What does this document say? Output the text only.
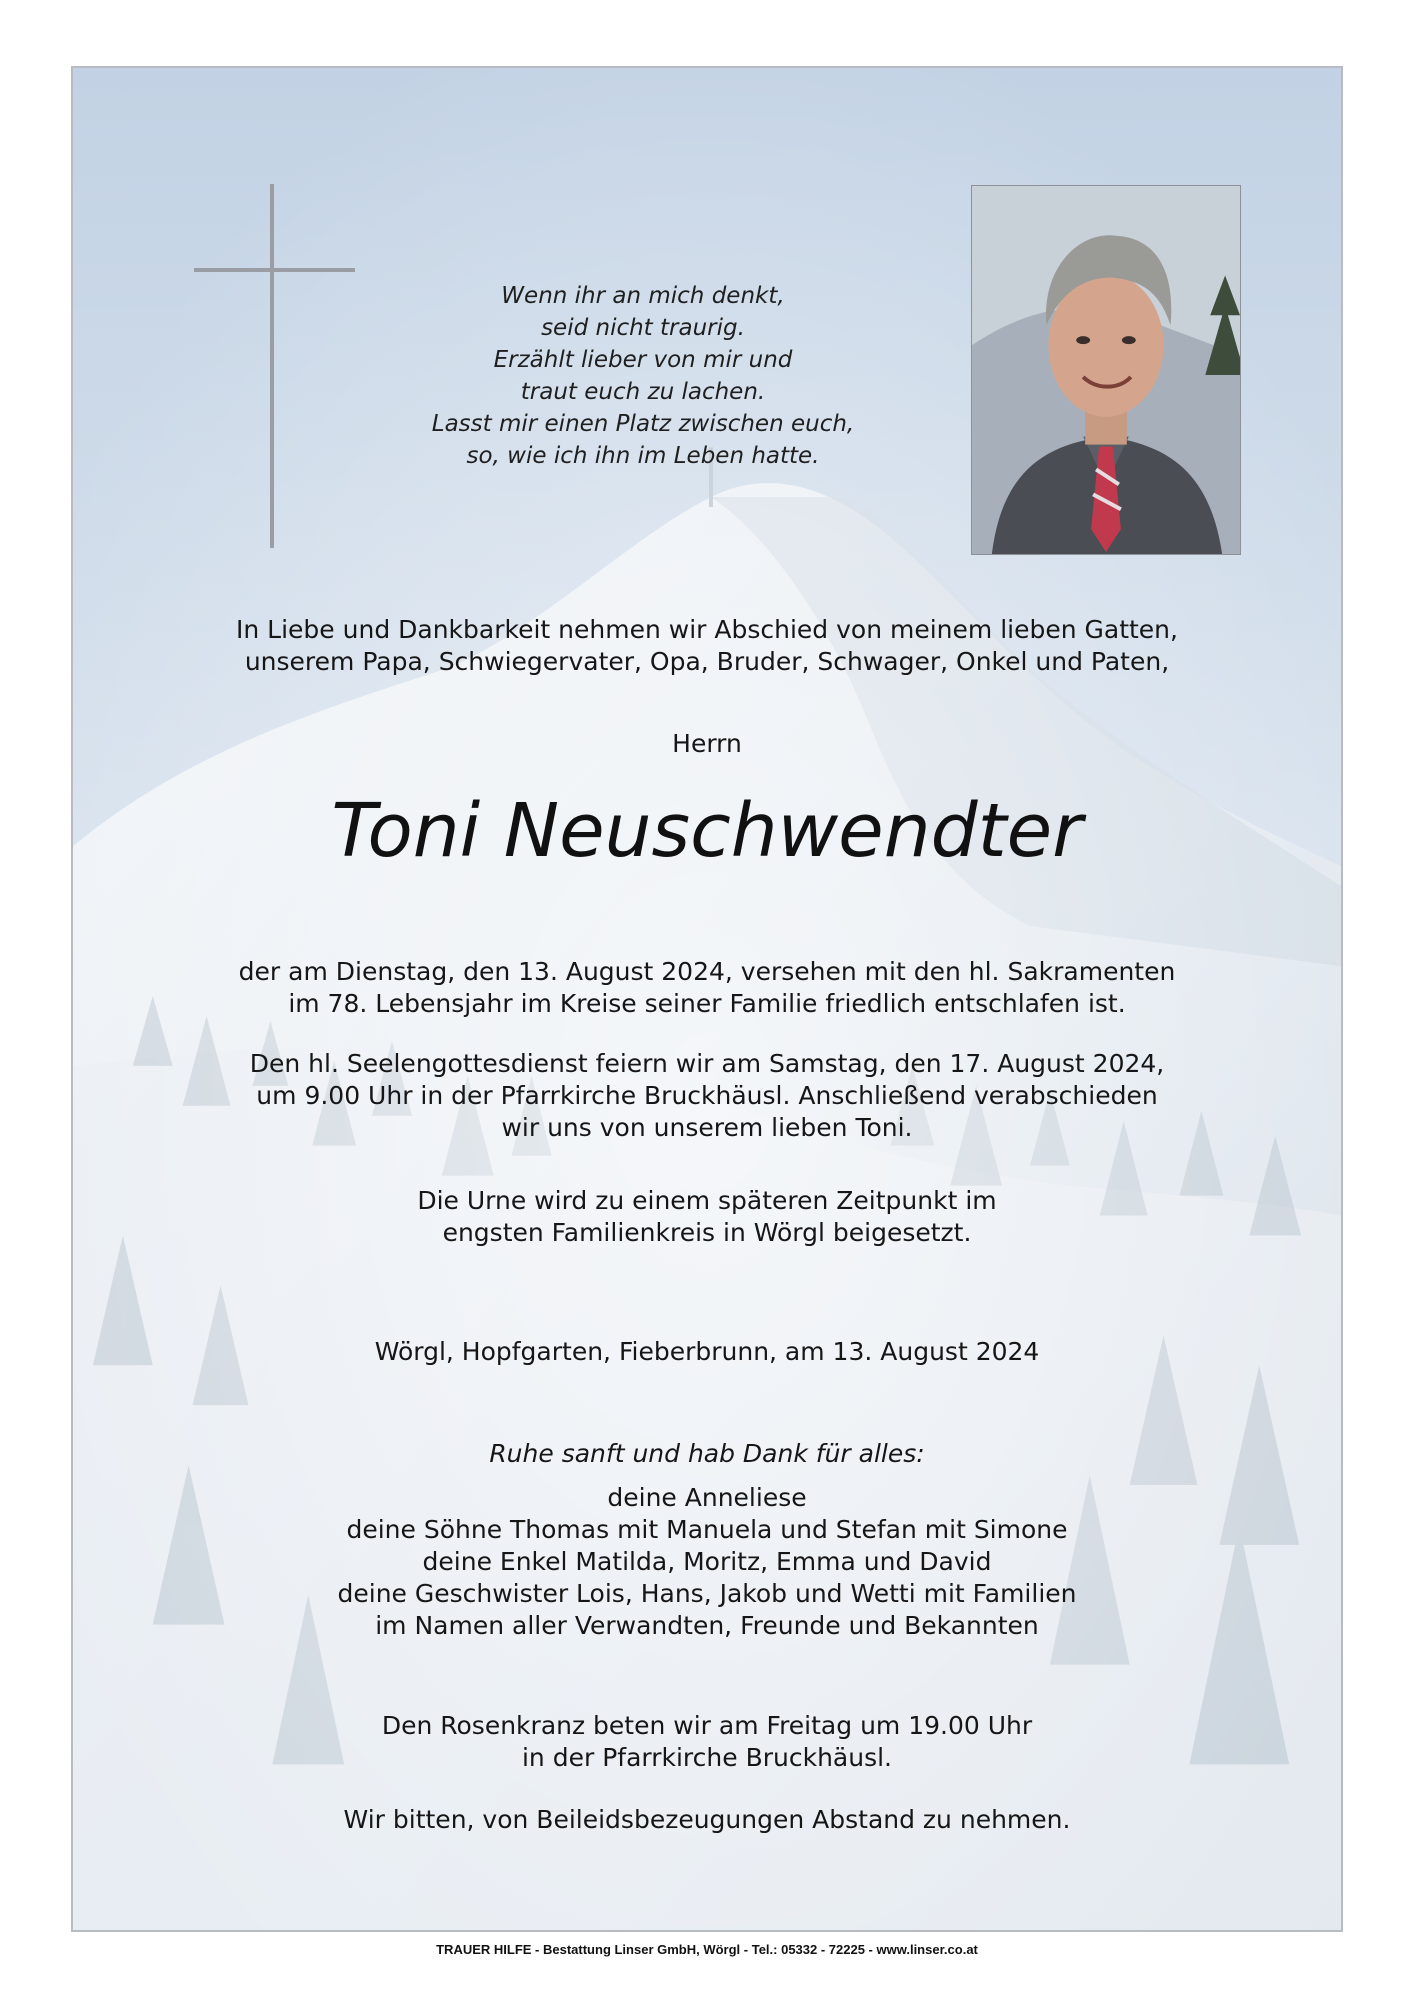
Wenn ihr an mich denkt,
seid nicht traurig.
Erzählt lieber von mir und
traut euch zu lachen.
Lasst mir einen Platz zwischen euch,
so, wie ich ihn im Leben hatte.
In Liebe und Dankbarkeit nehmen wir Abschied von meinem lieben Gatten,
unserem Papa, Schwiegervater, Opa, Bruder, Schwager, Onkel und Paten,
Herrn
Toni Neuschwendter
der am Dienstag, den 13. August 2024, versehen mit den hl. Sakramenten
im 78. Lebensjahr im Kreise seiner Familie friedlich entschlafen ist.
Den hl. Seelengottesdienst feiern wir am Samstag, den 17. August 2024,
um 9.00 Uhr in der Pfarrkirche Bruckhäusl. Anschließend verabschieden
wir uns von unserem lieben Toni.
Die Urne wird zu einem späteren Zeitpunkt im
engsten Familienkreis in Wörgl beigesetzt.
Wörgl, Hopfgarten, Fieberbrunn, am 13. August 2024
Ruhe sanft und hab Dank für alles:
deine Anneliese
deine Söhne Thomas mit Manuela und Stefan mit Simone
deine Enkel Matilda, Moritz, Emma und David
deine Geschwister Lois, Hans, Jakob und Wetti mit Familien
im Namen aller Verwandten, Freunde und Bekannten
Den Rosenkranz beten wir am Freitag um 19.00 Uhr
in der Pfarrkirche Bruckhäusl.
Wir bitten, von Beileidsbezeugungen Abstand zu nehmen.
TRAUER HILFE - Bestattung Linser GmbH, Wörgl - Tel.: 05332 - 72225 - www.linser.co.at
